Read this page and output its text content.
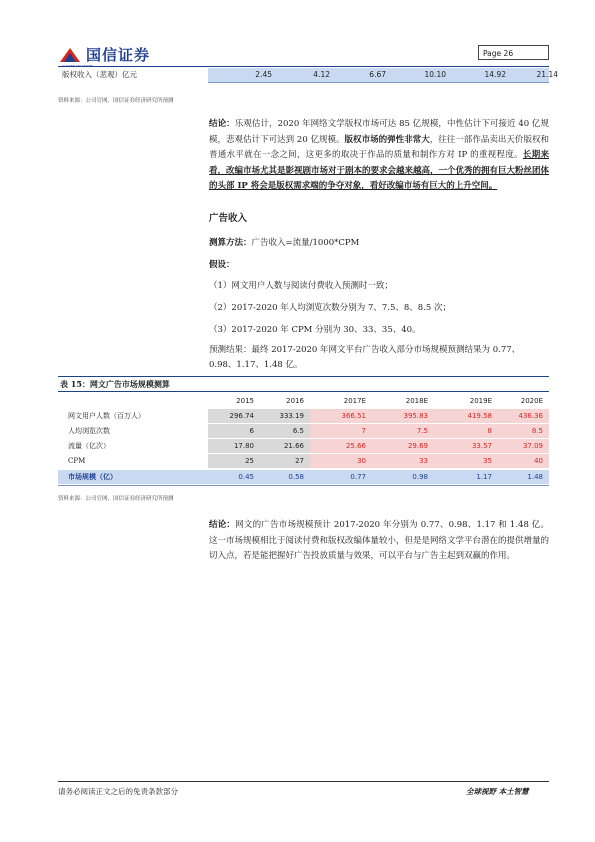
国信证券
GUOSEN SECURITIES
Page 26
版权收入（悲观）亿元	2.45	4.12	6.67	10.10	14.92	21.14
资料来源：公司官网、国信证券经济研究所预测
结论：乐观估计，2020 年网络文学版权市场可达 85 亿规模，中性估计下可接近 40 亿规模，悲观估计下可达到 20 亿规模。版权市场的弹性非常大，往往一部作品卖出天价版权和普通水平就在一念之间，这更多的取决于作品的质量和制作方对 IP 的重视程度。长期来看，改编市场尤其是影视剧市场对于剧本的要求会越来越高，一个优秀的拥有巨大粉丝团体的头部 IP 将会是版权需求端的争夺对象，看好改编市场有巨大的上升空间。
广告收入
测算方法：广告收入=流量/1000*CPM
假设：
（1）网文用户人数与阅读付费收入预测时一致；
（2）2017-2020 年人均浏览次数分别为 7、7.5、8、8.5 次；
（3）2017-2020 年 CPM 分别为 30、33、35、40。
预测结果：最终 2017-2020 年网文平台广告收入部分市场规模预测结果为 0.77、
0.98、1.17、1.48 亿。
表 15：网文广告市场规模测算
2015	2016	2017E	2018E	2019E	2020E
网文用户人数（百万人）	296.74	333.19	366.51	395.83	419.58	436.36
人均浏览次数	6	6.5	7	7.5	8	8.5
流量（亿次）	17.80	21.66	25.66	29.69	33.57	37.09
CPM	25	27	30	33	35	40
市场规模（亿）	0.45	0.58	0.77	0.98	1.17	1.48
资料来源：公司官网、国信证券经济研究所预测
结论：网文的广告市场规模预计 2017-2020 年分别为 0.77、0.98、1.17 和 1.48 亿。这一市场规模相比于阅读付费和版权改编体量较小，但是是网络文学平台潜在的提供增量的切入点，若是能把握好广告投放质量与效果，可以平台与广告主起到双赢的作用。
请务必阅读正文之后的免责条款部分	全球视野 本土智慧
